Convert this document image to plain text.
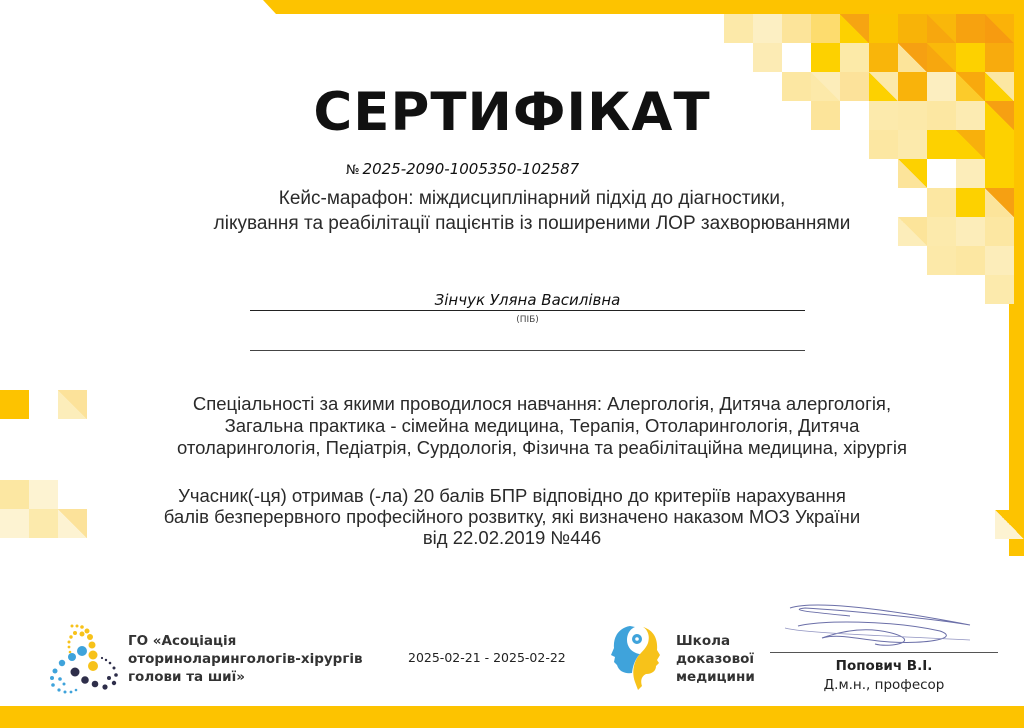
СЕРТИФІКАТ
№ 2025-2090-1005350-102587
Кейс-марафон: міждисциплінарний підхід до діагностики,
лікування та реабілітації пацієнтів із поширеними ЛОР захворюваннями
Зінчук Уляна Василівна
(ПІБ)
Спеціальності за якими проводилося навчання: Алергологія, Дитяча алергологія,
Загальна практика - сімейна медицина, Терапія, Отоларингологія, Дитяча
отоларингологія, Педіатрія, Сурдологія, Фізична та реабілітаційна медицина, хірургія
Учасник(-ця) отримав (-ла) 20 балів БПР відповідно до критеріїв нарахування
балів безперервного професійного розвитку, які визначено наказом МОЗ України
від 22.02.2019 №446
ГО «Асоціація
оториноларингологів-хірургів
голови та шиї»
2025-02-21 - 2025-02-22
Школа
доказової
медицини
Попович В.І.
Д.м.н., професор
